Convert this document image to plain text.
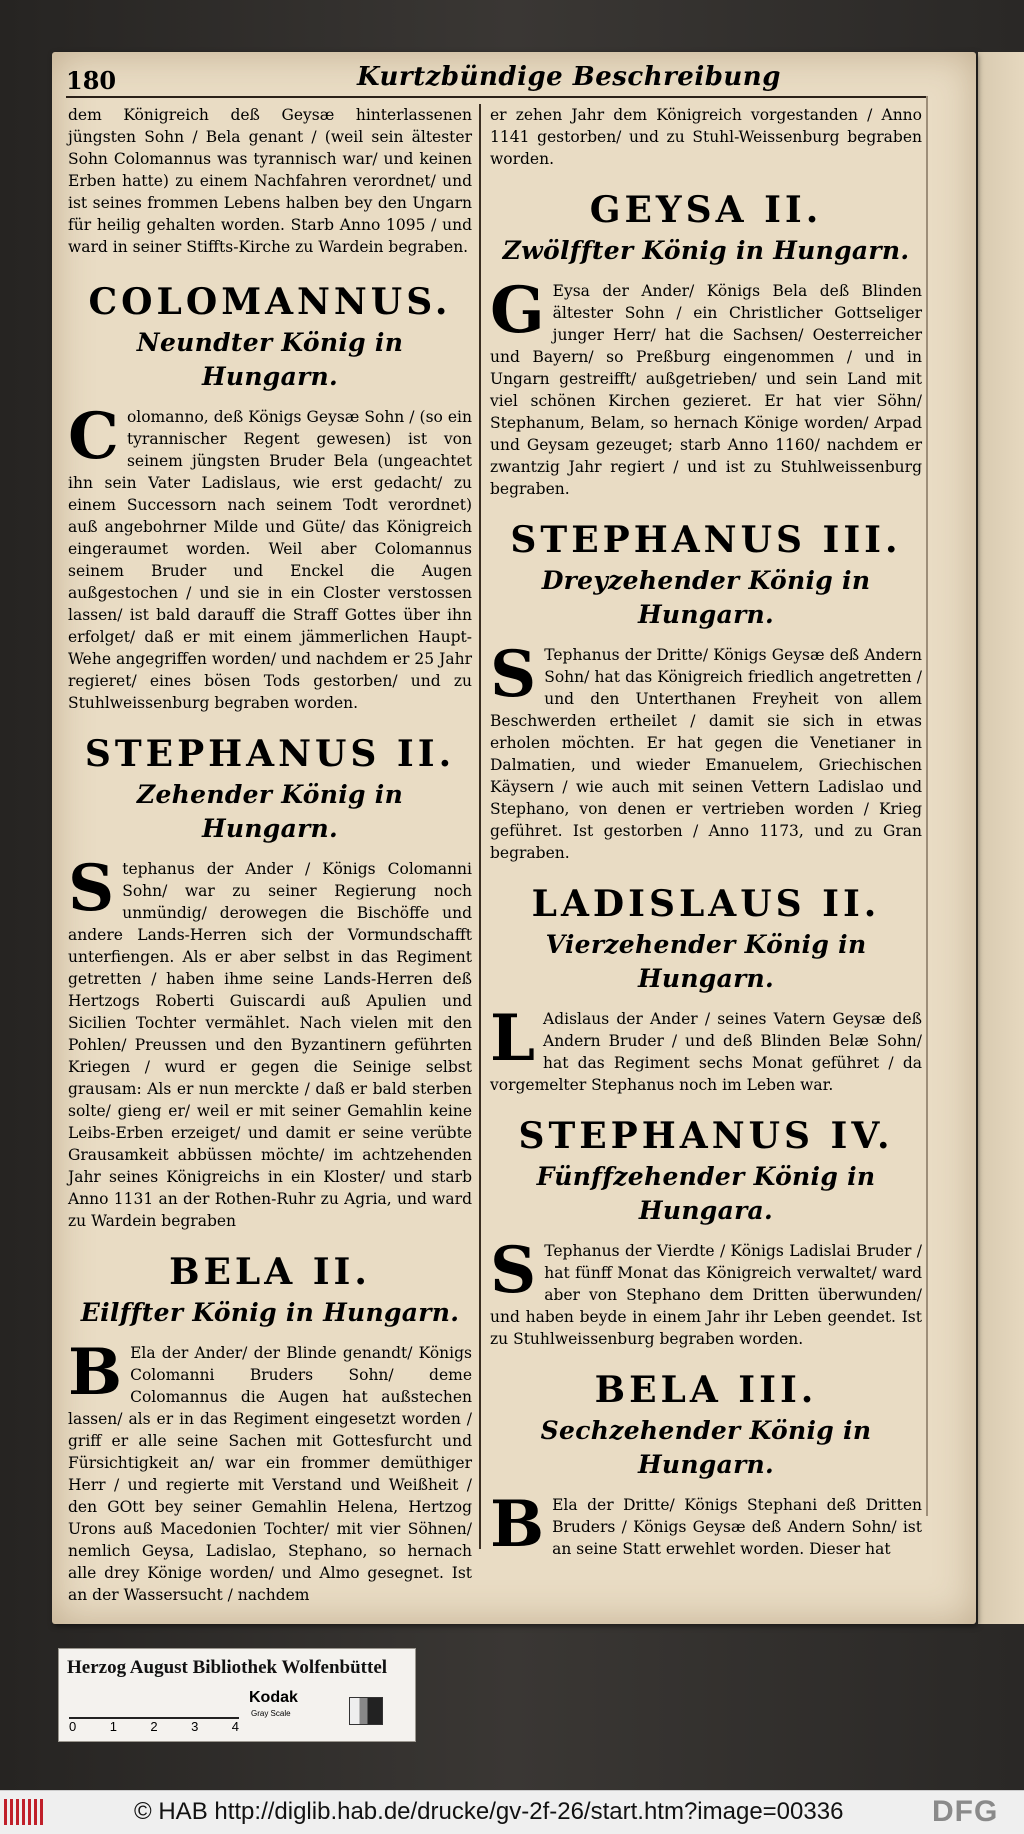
180	Kurtzbündige Beschreibung

dem Königreich deß Geysæ hinterlassenen jüngsten Sohn / Bela genant / (weil sein ältester Sohn Colomannus was tyrannisch war/ und keinen Erben hatte) zu einem Nachfahren verordnet/ und ist seines frommen Lebens halben bey den Ungarn für heilig gehalten worden. Starb Anno 1095 / und ward in seiner Stiffts-Kirche zu Wardein begraben.

COLOMANNUS.
Neundter König in Hungarn.

Colomanno, deß Königs Geysæ Sohn / (so ein tyrannischer Regent gewesen) ist von seinem jüngsten Bruder Bela (ungeachtet ihn sein Vater Ladislaus, wie erst gedacht/ zu einem Successorn nach seinem Todt verordnet) auß angebohrner Milde und Güte/ das Königreich eingeraumet worden. Weil aber Colomannus seinem Bruder und Enckel die Augen außgestochen / und sie in ein Closter verstossen lassen/ ist bald darauff die Straff Gottes über ihn erfolget/ daß er mit einem jämmerlichen Haupt-Wehe angegriffen worden/ und nachdem er 25 Jahr regieret/ eines bösen Tods gestorben/ und zu Stuhlweissenburg begraben worden.

STEPHANUS II.
Zehender König in Hungarn.

Stephanus der Ander / Königs Colomanni Sohn/ war zu seiner Regierung noch unmündig/ derowegen die Bischöffe und andere Lands-Herren sich der Vormundschafft unterfiengen. Als er aber selbst in das Regiment getretten / haben ihme seine Lands-Herren deß Hertzogs Roberti Guiscardi auß Apulien und Sicilien Tochter vermählet. Nach vielen mit den Pohlen/ Preussen und den Byzantinern geführten Kriegen / wurd er gegen die Seinige selbst grausam: Als er nun merckte / daß er bald sterben solte/ gieng er/ weil er mit seiner Gemahlin keine Leibs-Erben erzeiget/ und damit er seine verübte Grausamkeit abbüssen möchte/ im achtzehenden Jahr seines Königreichs in ein Kloster/ und starb Anno 1131 an der Rothen-Ruhr zu Agria, und ward zu Wardein begraben

BELA II.
Eilffter König in Hungarn.

B Ela der Ander/ der Blinde genandt/ Königs Colomanni Bruders Sohn/ deme Colomannus die Augen hat außstechen lassen/ als er in das Regiment eingesetzt worden / griff er alle seine Sachen mit Gottesfurcht und Fürsichtigkeit an/ war ein frommer demüthiger Herr / und regierte mit Verstand und Weißheit / den GOtt bey seiner Gemahlin Helena, Hertzog Urons auß Macedonien Tochter/ mit vier Söhnen/ nemlich Geysa, Ladislao, Stephano, so hernach alle drey Könige worden/ und Almo gesegnet. Ist an der Wassersucht / nachdem

er zehen Jahr dem Königreich vorgestanden / Anno 1141 gestorben/ und zu Stuhl-Weissenburg begraben worden.

GEYSA II.
Zwölffter König in Hungarn.

G Eysa der Ander/ Königs Bela deß Blinden ältester Sohn / ein Christlicher Gottseliger junger Herr/ hat die Sachsen/ Oesterreicher und Bayern/ so Preßburg eingenommen / und in Ungarn gestreifft/ außgetrieben/ und sein Land mit viel schönen Kirchen gezieret. Er hat vier Söhn/ Stephanum, Belam, so hernach Könige worden/ Arpad und Geysam gezeuget; starb Anno 1160/ nachdem er zwantzig Jahr regiert / und ist zu Stuhlweissenburg begraben.

STEPHANUS III.
Dreyzehender König in Hungarn.

S Tephanus der Dritte/ Königs Geysæ deß Andern Sohn/ hat das Königreich friedlich angetretten / und den Unterthanen Freyheit von allem Beschwerden ertheilet / damit sie sich in etwas erholen möchten. Er hat gegen die Venetianer in Dalmatien, und wieder Emanuelem, Griechischen Käysern / wie auch mit seinen Vettern Ladislao und Stephano, von denen er vertrieben worden / Krieg geführet. Ist gestorben / Anno 1173, und zu Gran begraben.

LADISLAUS II.
Vierzehender König in Hungarn.

L Adislaus der Ander / seines Vatern Geysæ deß Andern Bruder / und deß Blinden Belæ Sohn/ hat das Regiment sechs Monat geführet / da vorgemelter Stephanus noch im Leben war.

STEPHANUS IV.
Fünffzehender König in Hungara.

S Tephanus der Vierdte / Königs Ladislai Bruder / hat fünff Monat das Königreich verwaltet/ ward aber von Stephano dem Dritten überwunden/ und haben beyde in einem Jahr ihr Leben geendet. Ist zu Stuhlweissenburg begraben worden.

BELA III.
Sechzehender König in Hungarn.

B Ela der Dritte/ Königs Stephani deß Dritten Bruders / Königs Geysæ deß Andern Sohn/ ist an seine Statt erwehlet worden. Dieser hat

Herzog August Bibliothek Wolfenbüttel
0	1	2	3	4
Kodak
Gray Scale
© HAB http://diglib.hab.de/drucke/gv-2f-26/start.htm?image=00336	DFG
